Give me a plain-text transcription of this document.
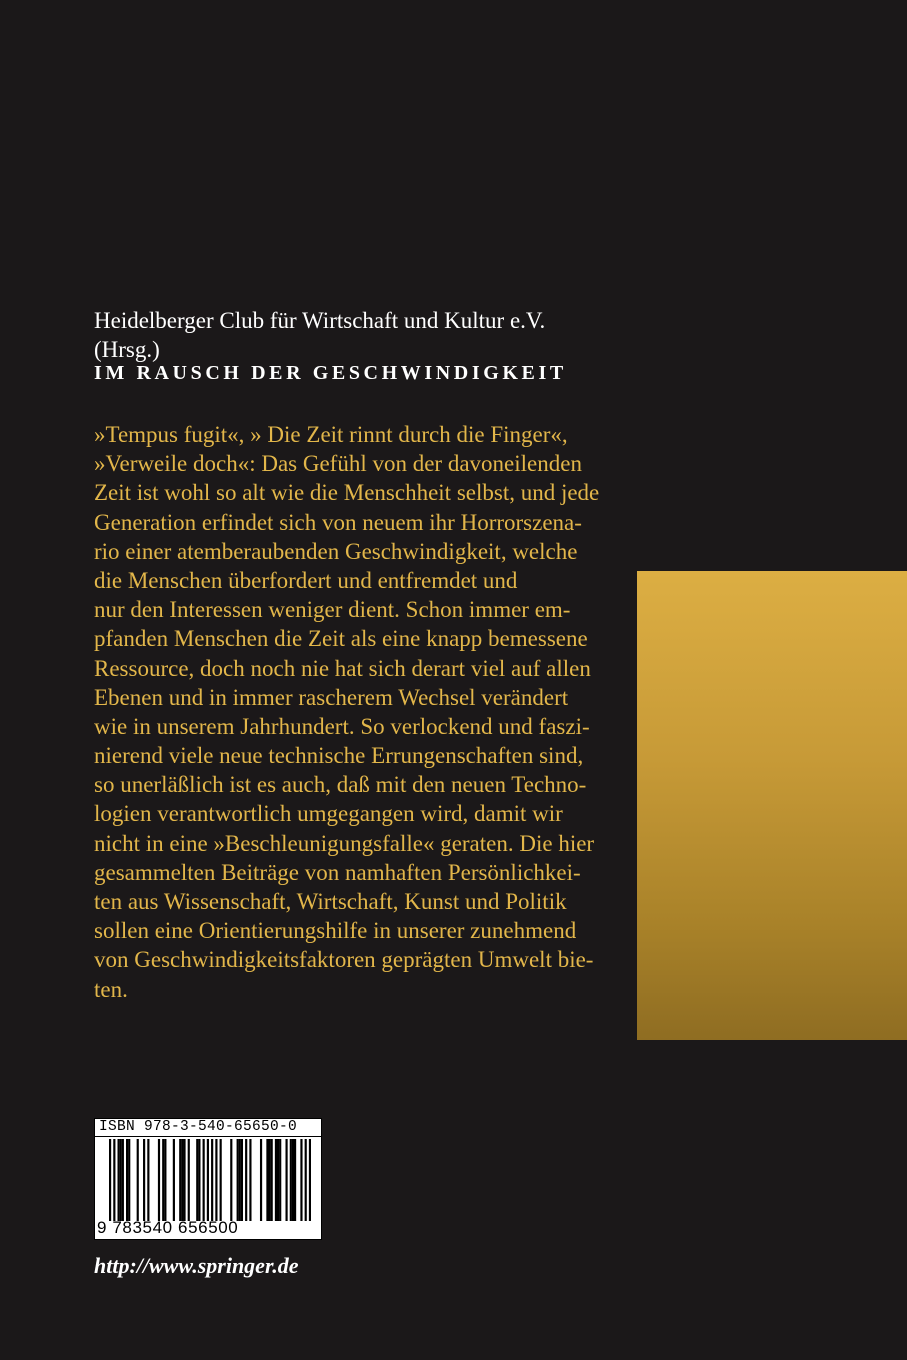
Heidelberger Club für Wirtschaft und Kultur e.V.
(Hrsg.)
IM RAUSCH DER GESCHWINDIGKEIT
»Tempus fugit«, » Die Zeit rinnt durch die Finger«,
»Verweile doch«: Das Gefühl von der davoneilenden
Zeit ist wohl so alt wie die Menschheit selbst, und jede
Generation erfindet sich von neuem ihr Horrorszena-
rio einer atemberaubenden Geschwindigkeit, welche
die Menschen überfordert und entfremdet und
nur den Interessen weniger dient. Schon immer em-
pfanden Menschen die Zeit als eine knapp bemessene
Ressource, doch noch nie hat sich derart viel auf allen
Ebenen und in immer rascherem Wechsel verändert
wie in unserem Jahrhundert. So verlockend und faszi-
nierend viele neue technische Errungenschaften sind,
so unerläßlich ist es auch, daß mit den neuen Techno-
logien verantwortlich umgegangen wird, damit wir
nicht in eine »Beschleunigungsfalle« geraten. Die hier
gesammelten Beiträge von namhaften Persönlichkei-
ten aus Wissenschaft, Wirtschaft, Kunst und Politik
sollen eine Orientierungshilfe in unserer zunehmend
von Geschwindigkeitsfaktoren geprägten Umwelt bie-
ten.
ISBN 978-3-540-65650-0
9 783540 656500
http://www.springer.de
